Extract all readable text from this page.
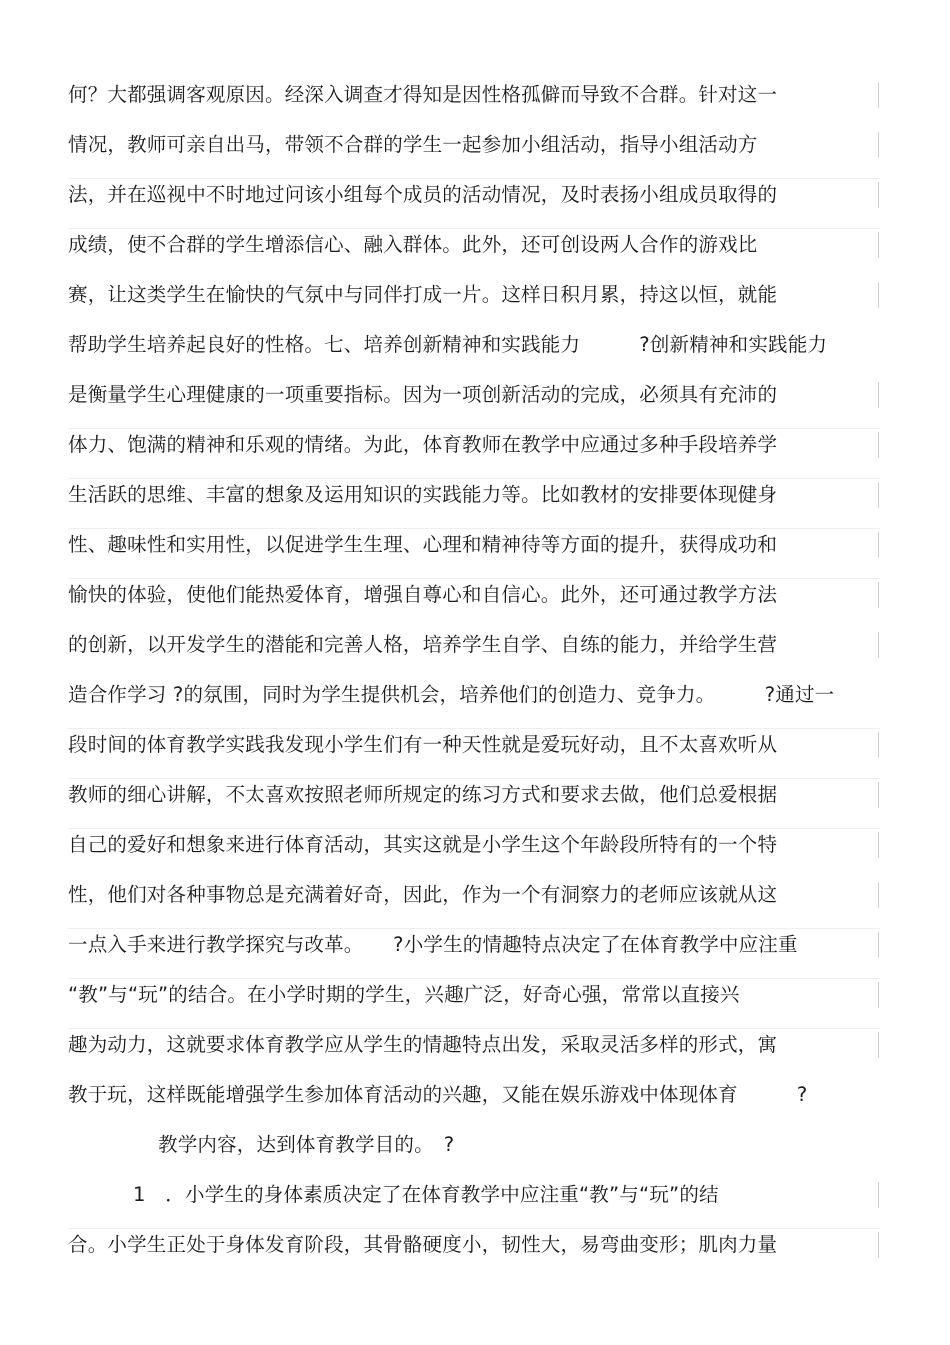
何？大都强调客观原因。经深入调查才得知是因性格孤僻而导致不合群。针对这一
情况，教师可亲自出马，带领不合群的学生一起参加小组活动，指导小组活动方
法，并在巡视中不时地过问该小组每个成员的活动情况，及时表扬小组成员取得的
成绩，使不合群的学生增添信心、融入群体。此外，还可创设两人合作的游戏比
赛，让这类学生在愉快的气氛中与同伴打成一片。这样日积月累，持这以恒，就能
帮助学生培养起良好的性格。七、培养创新精神和实践能力　　　?创新精神和实践能力
是衡量学生心理健康的一项重要指标。因为一项创新活动的完成，必须具有充沛的
体力、饱满的精神和乐观的情绪。为此，体育教师在教学中应通过多种手段培养学
生活跃的思维、丰富的想象及运用知识的实践能力等。比如教材的安排要体现健身
性、趣味性和实用性，以促进学生生理、心理和精神待等方面的提升，获得成功和
愉快的体验，使他们能热爱体育，增强自尊心和自信心。此外，还可通过教学方法
的创新，以开发学生的潜能和完善人格，培养学生自学、自练的能力，并给学生营
造合作学习 ?的氛围，同时为学生提供机会，培养他们的创造力、竞争力。　　　?通过一
段时间的体育教学实践我发现小学生们有一种天性就是爱玩好动，且不太喜欢听从
教师的细心讲解，不太喜欢按照老师所规定的练习方式和要求去做，他们总爱根据
自己的爱好和想象来进行体育活动，其实这就是小学生这个年龄段所特有的一个特
性，他们对各种事物总是充满着好奇，因此，作为一个有洞察力的老师应该就从这
一点入手来进行教学探究与改革。　　?小学生的情趣特点决定了在体育教学中应注重
“教”与“玩”的结合。在小学时期的学生，兴趣广泛，好奇心强，常常以直接兴
趣为动力，这就要求体育教学应从学生的情趣特点出发，采取灵活多样的形式，寓
教于玩，这样既能增强学生参加体育活动的兴趣，又能在娱乐游戏中体现体育　　　?
教学内容，达到体育教学目的。　?
1　．小学生的身体素质决定了在体育教学中应注重“教”与“玩”的结
合。小学生正处于身体发育阶段，其骨骼硬度小，韧性大，易弯曲变形；肌肉力量
